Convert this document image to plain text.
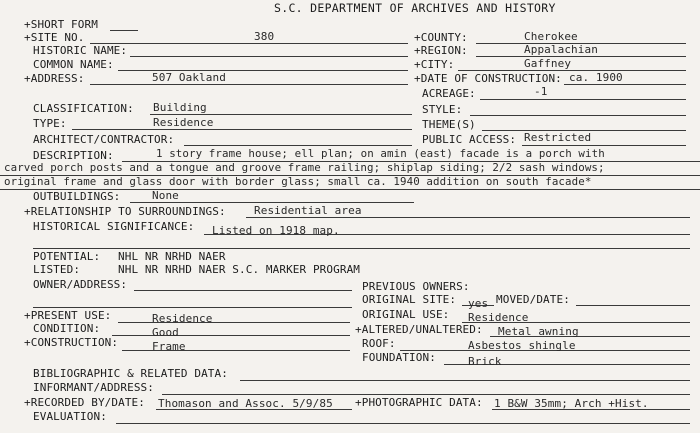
S.C. DEPARTMENT OF ARCHIVES AND HISTORY
+SHORT FORM
+SITE NO.	380	+COUNTY:	Cherokee
HISTORIC NAME:	+REGION:	Appalachian
COMMON NAME:	+CITY:	Gaffney
+ADDRESS:	507 Oakland	+DATE OF CONSTRUCTION: ca. 1900
ACREAGE:	-1
CLASSIFICATION: Building	STYLE:
TYPE:	Residence	THEME(S)
ARCHITECT/CONTRACTOR:	PUBLIC ACCESS: Restricted
DESCRIPTION:	1 story frame house; ell plan; on amin (east) facade is a porch with
carved porch posts and a tongue and groove frame railing; shiplap siding; 2/2 sash windows;
original frame and glass door with border glass; small ca. 1940 addition on south facade*
OUTBUILDINGS:	None
+RELATIONSHIP TO SURROUNDINGS:	Residential area
HISTORICAL SIGNIFICANCE: Listed on 1918 map.
POTENTIAL: NHL NR NRHD NAER
LISTED:	NHL NR NRHD NAER S.C. MARKER PROGRAM
OWNER/ADDRESS:	PREVIOUS OWNERS:
ORIGINAL SITE: yes MOVED/DATE:
+PRESENT USE:	Residence	ORIGINAL USE: Residence
CONDITION:	Good	+ALTERED/UNALTERED: Metal awning
+CONSTRUCTION:	Frame	ROOF:	Asbestos shingle
FOUNDATION:	Brick
BIBLIOGRAPHIC & RELATED DATA:
INFORMANT/ADDRESS:
+RECORDED BY/DATE: Thomason and Assoc. 5/9/85 +PHOTOGRAPHIC DATA: 1 B&W 35mm; Arch +Hist.
EVALUATION:
